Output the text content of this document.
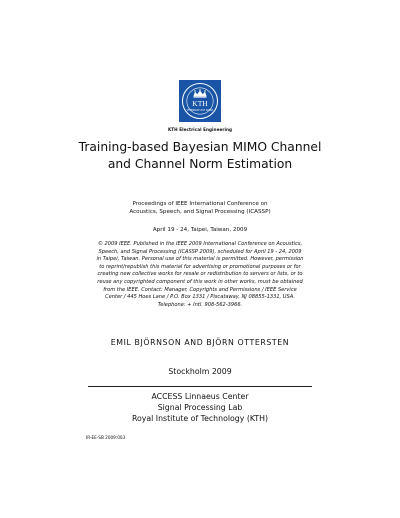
KTH
VETENSKAP OCH KONST
KTH Electrical Engineering
Training-based Bayesian MIMO Channel
and Channel Norm Estimation
Proceedings of IEEE International Conference on
Acoustics, Speech, and Signal Processing (ICASSP)
April 19 - 24, Taipei, Taiwan, 2009
© 2009 IEEE. Published in the IEEE 2009 International Conference on Acoustics,
Speech, and Signal Processing (ICASSP 2009), scheduled for April 19 - 24, 2009
in Taipei, Taiwan. Personal use of this material is permitted. However, permission
to reprint/republish this material for advertising or promotional purposes or for
creating new collective works for resale or redistribution to servers or lists, or to
reuse any copyrighted component of this work in other works, must be obtained
from the IEEE. Contact: Manager, Copyrights and Permissions / IEEE Service
Center / 445 Hoes Lane / P.O. Box 1331 / Piscataway, NJ 08855-1331, USA.
Telephone: + Intl. 908-562-3966.
EMIL BJÖRNSON AND BJÖRN OTTERSTEN
Stockholm 2009
ACCESS Linnaeus Center
Signal Processing Lab
Royal Institute of Technology (KTH)
IR-EE-SB 2009:003
